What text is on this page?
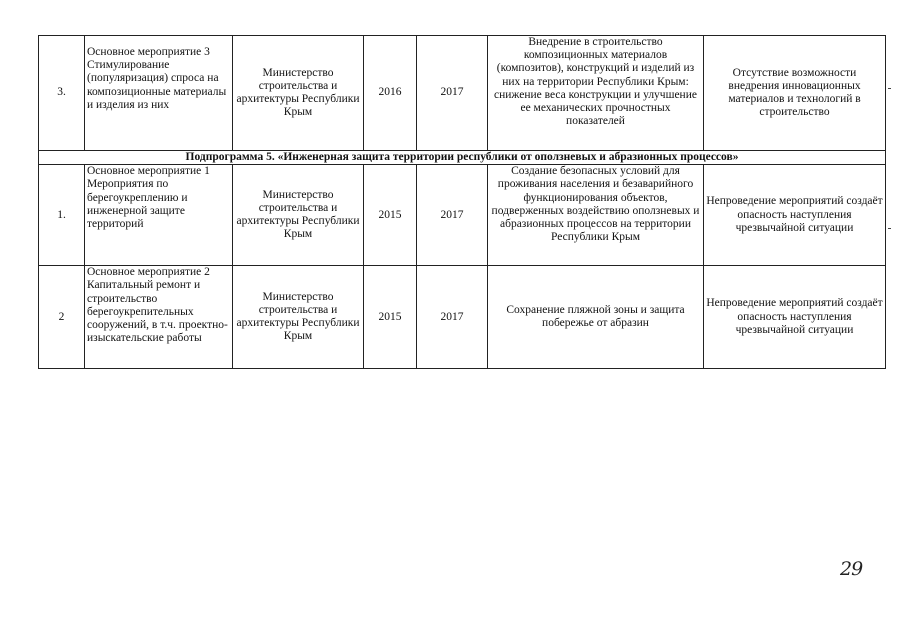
3.	Основное мероприятие 3 Стимулирование (популяризация) спроса на композиционные материалы и изделия из них	Министерство строительства и архитектуры Республики Крым	2016	2017	Внедрение в строительство композиционных материалов (композитов), конструкций и изделий из них на территории Республики Крым: снижение веса конструкции и улучшение ее механических прочностных показателей	Отсутствие возможности внедрения инновационных материалов и технологий в строительство
Подпрограмма 5. «Инженерная защита территории республики от оползневых и абразионных процессов»						
1.	Основное мероприятие 1 Мероприятия по берегоукреплению и инженерной защите территорий	Министерство строительства и архитектуры Республики Крым	2015	2017	Создание безопасных условий для проживания населения и безаварийного функционирования объектов, подверженных воздействию оползневых и абразионных процессов на территории Республики Крым	Непроведение мероприятий создаёт опасность наступления чрезвычайной ситуации
2	Основное мероприятие 2 Капитальный ремонт и строительство берегоукрепительных сооружений, в т.ч. проектно-изыскательские работы	Министерство строительства и архитектуры Республики Крым	2015	2017	Сохранение пляжной зоны и защита побережье от абразин	Непроведение мероприятий создаёт опасность наступления чрезвычайной ситуации
29
